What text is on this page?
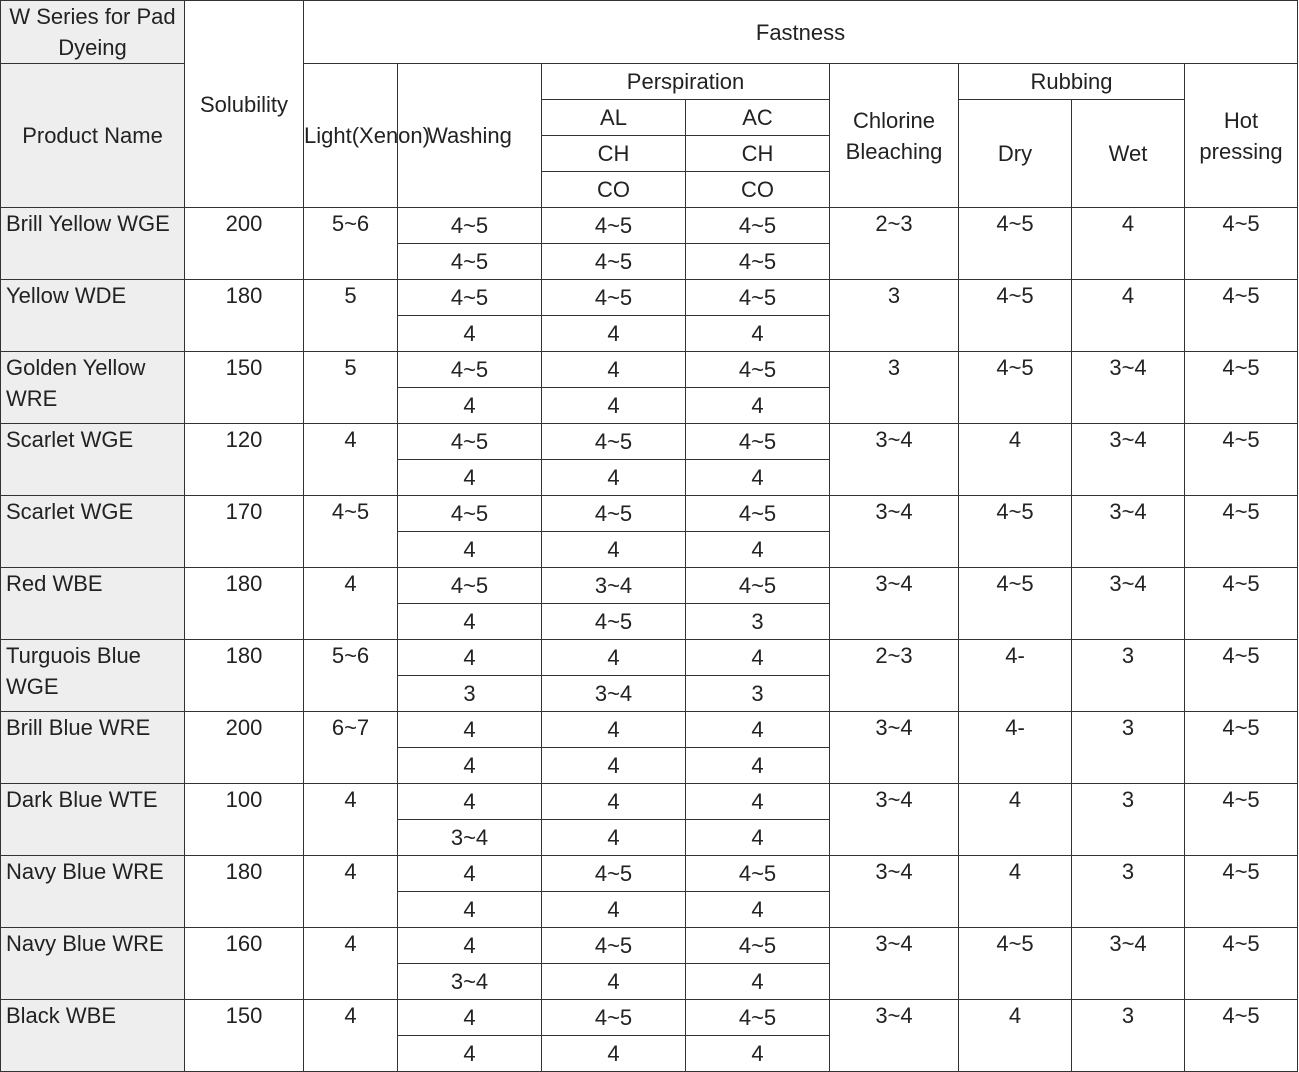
W Series for Pad Dyeing	Solubility	Fastness							
Product Name		Light(Xenon)	Washing	Perspiration		Chlorine Bleaching	Rubbing		Hot pressing
				AL	AC		Dry	Wet	
				CH	CH				
				CO	CO				
Brill Yellow WGE	200	5~6	4~5	4~5	4~5	2~3	4~5	4	4~5
			4~5	4~5	4~5				
Yellow WDE	180	5	4~5	4~5	4~5	3	4~5	4	4~5
			4	4	4				
Golden Yellow WRE	150	5	4~5	4	4~5	3	4~5	3~4	4~5
			4	4	4				
Scarlet WGE	120	4	4~5	4~5	4~5	3~4	4	3~4	4~5
			4	4	4				
Scarlet WGE	170	4~5	4~5	4~5	4~5	3~4	4~5	3~4	4~5
			4	4	4				
Red WBE	180	4	4~5	3~4	4~5	3~4	4~5	3~4	4~5
			4	4~5	3				
Turguois Blue WGE	180	5~6	4	4	4	2~3	4-	3	4~5
			3	3~4	3				
Brill Blue WRE	200	6~7	4	4	4	3~4	4-	3	4~5
			4	4	4				
Dark Blue WTE	100	4	4	4	4	3~4	4	3	4~5
			3~4	4	4				
Navy Blue WRE	180	4	4	4~5	4~5	3~4	4	3	4~5
			4	4	4				
Navy Blue WRE	160	4	4	4~5	4~5	3~4	4~5	3~4	4~5
			3~4	4	4				
Black WBE	150	4	4	4~5	4~5	3~4	4	3	4~5
			4	4	4				
